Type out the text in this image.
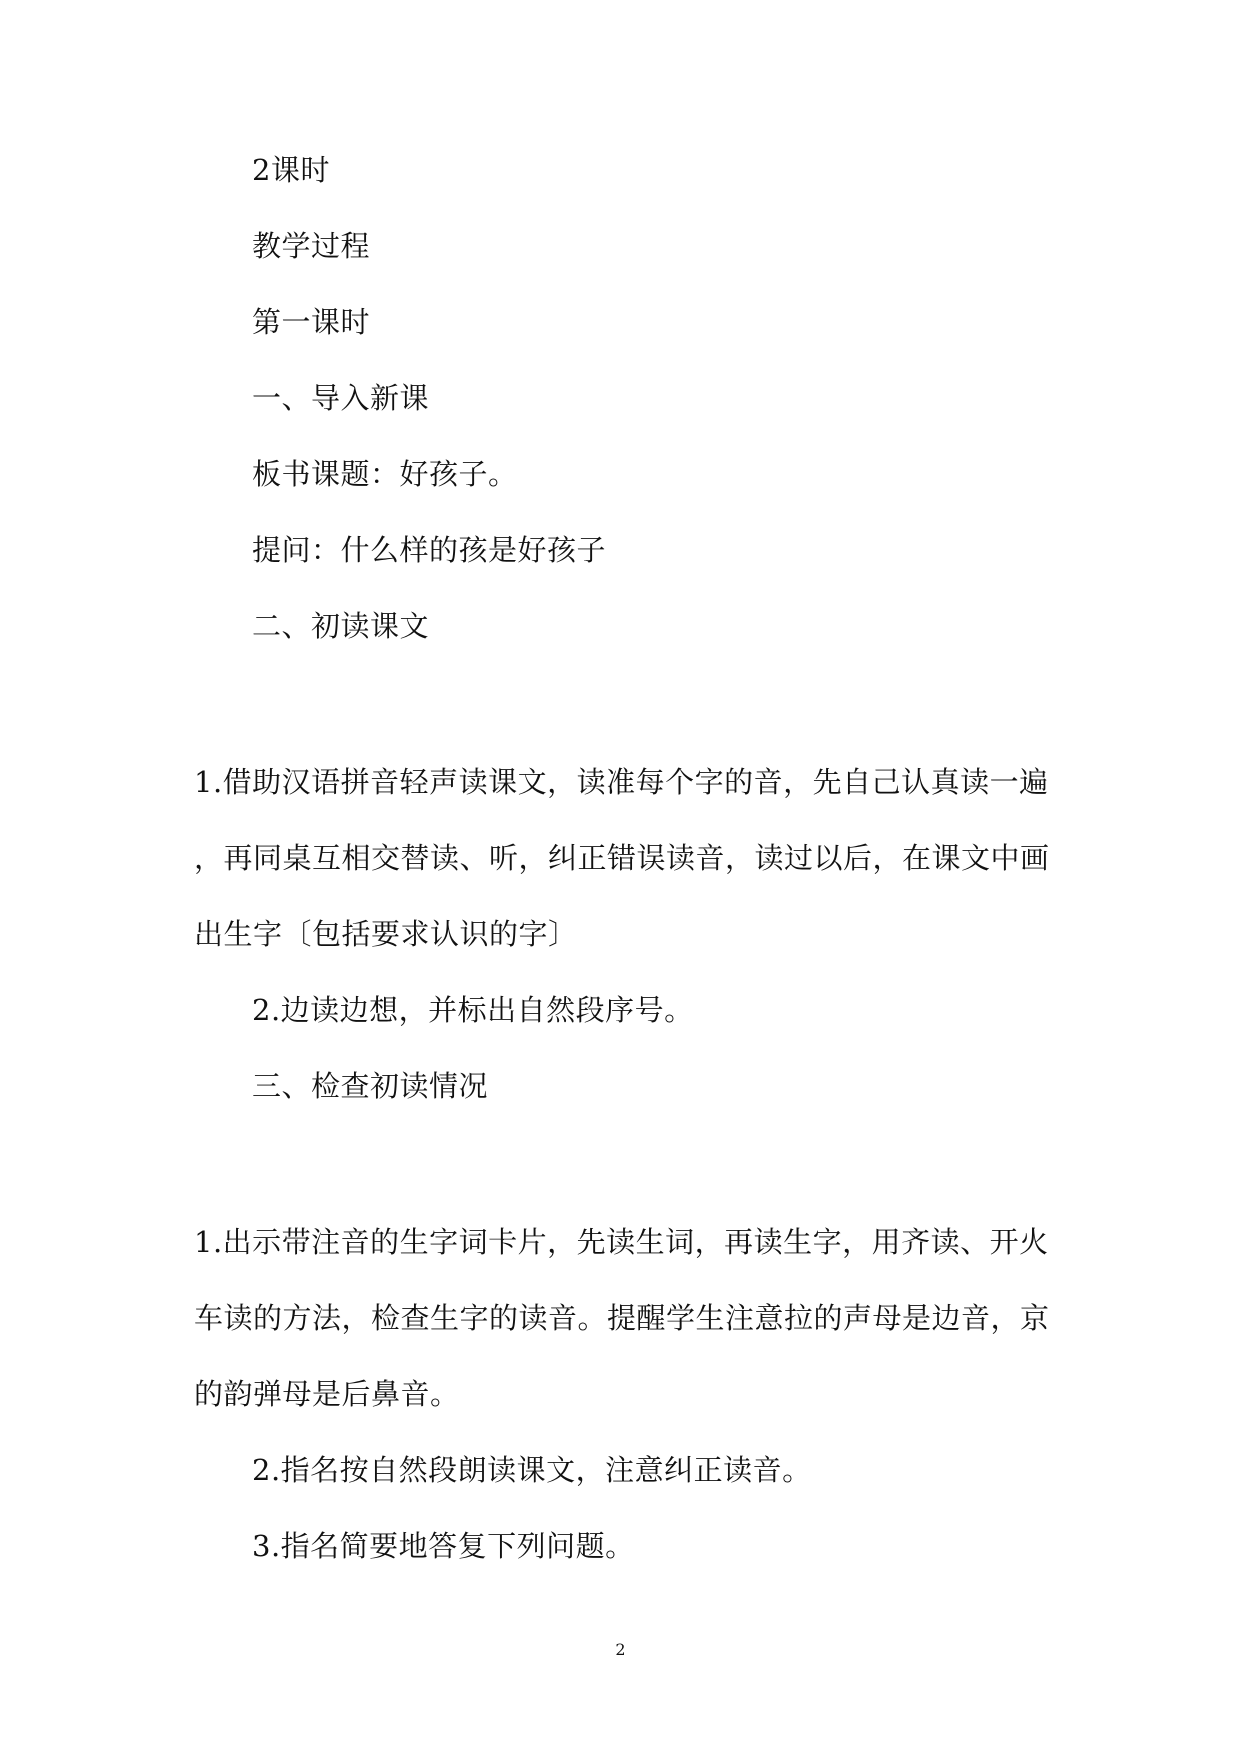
2课时
教学过程
第一课时
一、导入新课
板书课题：好孩子。
提问：什么样的孩是好孩子
二、初读课文
1.借助汉语拼音轻声读课文，读准每个字的音，先自己认真读一遍
，再同桌互相交替读、听，纠正错误读音，读过以后，在课文中画
出生字〔包括要求认识的字〕
2.边读边想，并标出自然段序号。
三、检查初读情况
1.出示带注音的生字词卡片，先读生词，再读生字，用齐读、开火
车读的方法，检查生字的读音。提醒学生注意拉的声母是边音，京
的韵弹母是后鼻音。
2.指名按自然段朗读课文，注意纠正读音。
3.指名简要地答复下列问题。
2
